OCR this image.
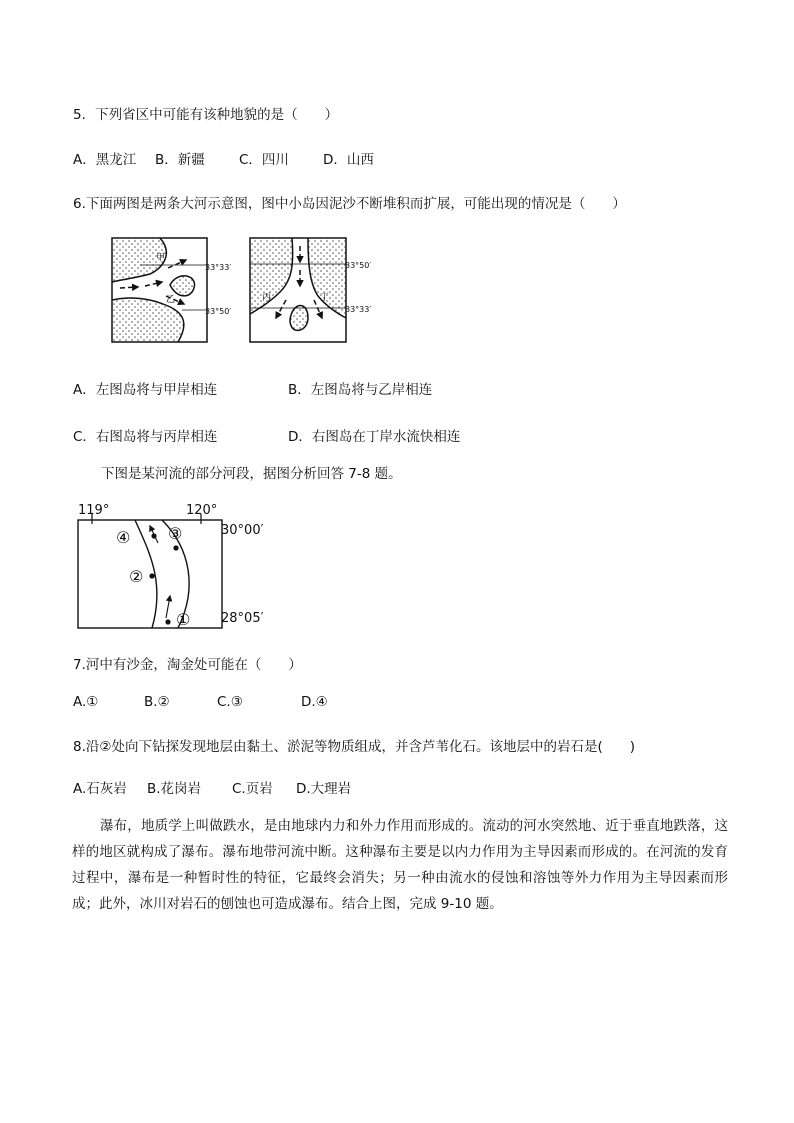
5．下列省区中可能有该种地貌的是（　　）
A．黑龙江 B．新疆	C．四川	D．山西
6.下面两图是两条大河示意图，图中小岛因泥沙不断堆积而扩展，可能出现的情况是（　　）
甲
乙
33°33′
33°50′
丙	丁
33°50′
33°33′
A．左图岛将与甲岸相连	B．左图岛将与乙岸相连
C．右图岛将与丙岸相连	D．右图岛在丁岸水流快相连
下图是某河流的部分河段，据图分析回答 7-8 题。
119°	120°
30°00′
28°05′
④ ③
②
①
7.河中有沙金，淘金处可能在（　　）
A.①	B.②	C.③	D.④
8.沿②处向下钻探发现地层由黏土、淤泥等物质组成，并含芦苇化石。该地层中的岩石是(　　)
A.石灰岩 B.花岗岩 C.页岩 D.大理岩
瀑布，地质学上叫做跌水，是由地球内力和外力作用而形成的。流动的河水突然地、近于垂直地跌落，这样的地区就构成了瀑布。瀑布地带河流中断。这种瀑布主要是以内力作用为主导因素而形成的。在河流的发育过程中，瀑布是一种暂时性的特征，它最终会消失；另一种由流水的侵蚀和溶蚀等外力作用为主导因素而形成；此外，冰川对岩石的刨蚀也可造成瀑布。结合上图，完成 9-10 题。
